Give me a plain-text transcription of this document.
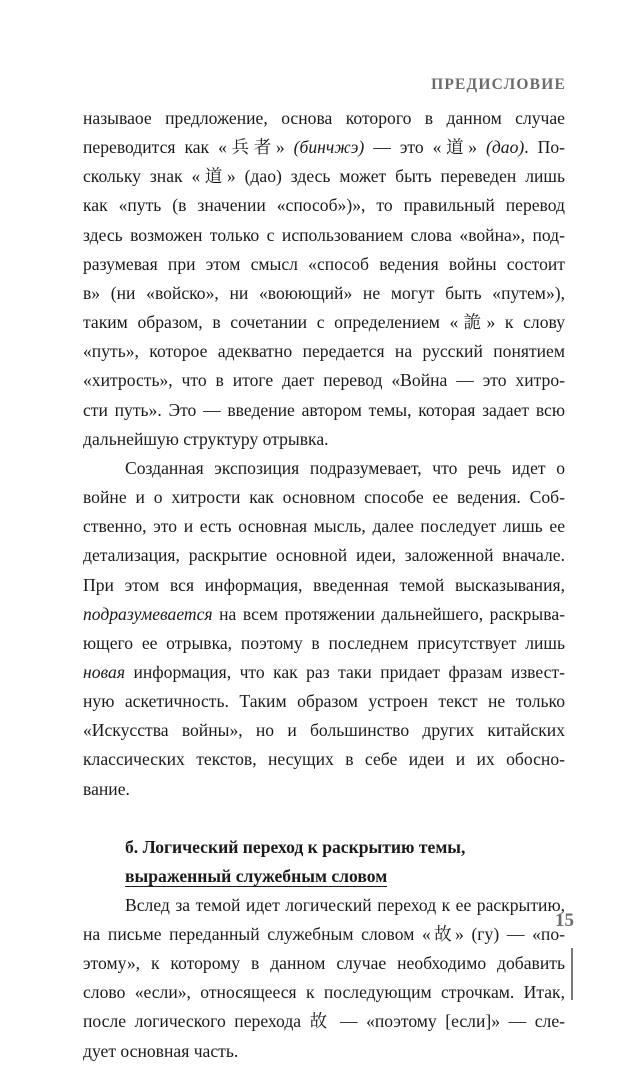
ПРЕДИСЛОВИЕ

называое предложение, основа которого в данном случае
переводится как «兵者» (бинчжэ) — это «道» (дао). По-
скольку знак «道» (дао) здесь может быть переведен лишь
как «путь (в значении «способ»)», то правильный перевод
здесь возможен только с использованием слова «война», под-
разумевая при этом смысл «способ ведения войны состоит
в» (ни «войско», ни «воюющий» не могут быть «путем»),
таким образом, в сочетании с определением «詭» к слову
«путь», которое адекватно передается на русский понятием
«хитрость», что в итоге дает перевод «Война — это хитро-
сти путь». Это — введение автором темы, которая задает всю
дальнейшую структуру отрывка.

Созданная экспозиция подразумевает, что речь идет о
войне и о хитрости как основном способе ее ведения. Соб-
ственно, это и есть основная мысль, далее последует лишь ее
детализация, раскрытие основной идеи, заложенной вначале.
При этом вся информация, введенная темой высказывания,
подразумевается на всем протяжении дальнейшего, раскрыва-
ющего ее отрывка, поэтому в последнем присутствует лишь
новая информация, что как раз таки придает фразам извест-
ную аскетичность. Таким образом устроен текст не только
«Искусства войны», но и большинство других китайских
классических текстов, несущих в себе идеи и их обосно-
вание.

б. Логический переход к раскрытию темы,
выраженный служебным словом

Вслед за темой идет логический переход к ее раскрытию,
на письме переданный служебным словом «故» (гу) — «по-
этому», к которому в данном случае необходимо добавить
слово «если», относящееся к последующим строчкам. Итак,
после логического перехода 故 — «поэтому [если]» — сле-
дует основная часть.

15
